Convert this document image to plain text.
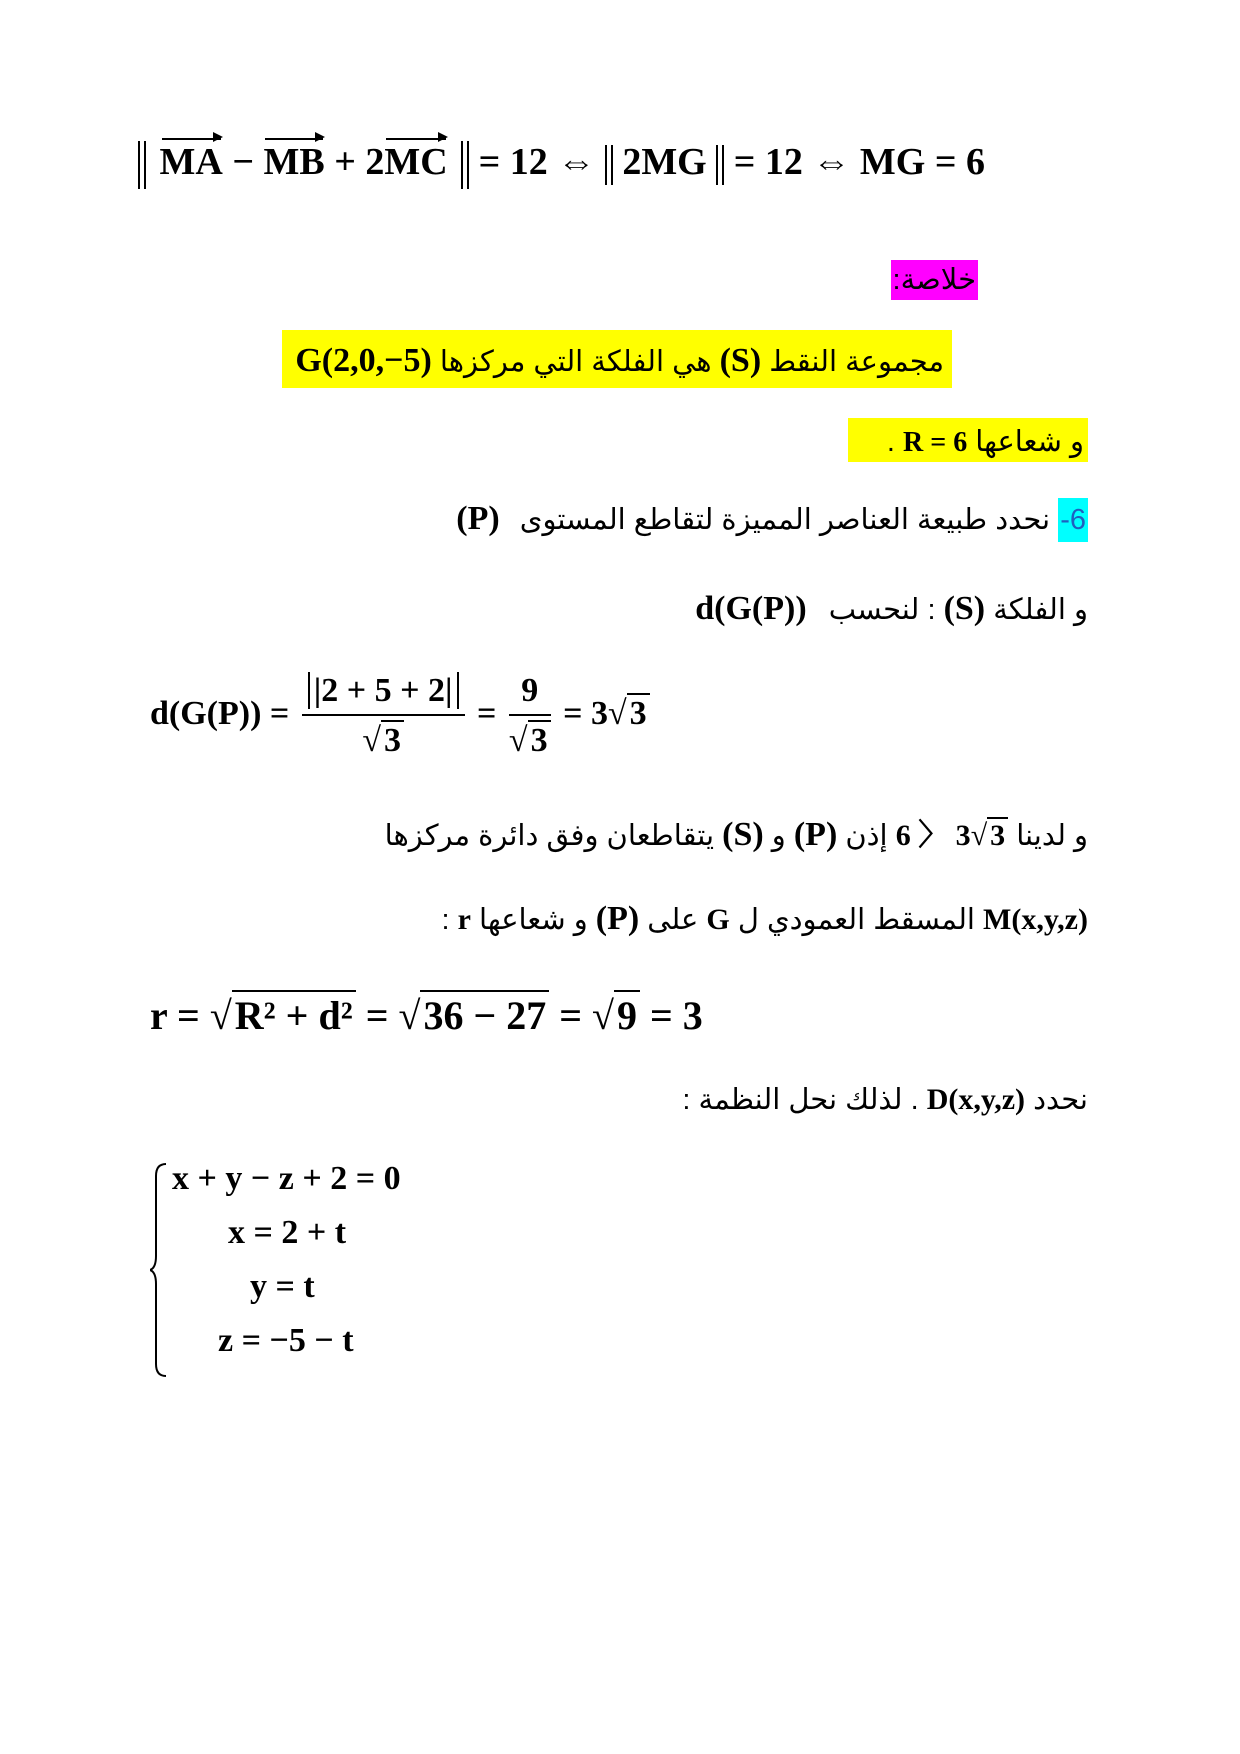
MA − MB + 2MC = 12 ⇔  2MG = 12 ⇔ MG = 6
خلاصة:
مجموعة النقط (S) هي الفلكة التي مركزها G(2,0,−5)
و شعاعها R = 6 .
6- نحدد طبيعة العناصر المميزة لتقاطع المستوى (P)
و الفلكة (S) : لنحسب d(G(P))
$d(G(P)) = \frac{|2 + 5 + 2|}{√3} = \frac{9}{√3} = 3√3$
و لدينا 6 〉 3√ 3 إذن (P) و (S) يتقاطعان وفق دائرة مركزها
M(x,y,z) المسقط العمودي ل G على (P) و شعاعها r :
r = √R² + d² = √36 − 27 = √9 = 3
نحدد D(x,y,z) . لذلك نحل النظمة :
x + y − z + 2 = 0
x = 2 + t
y = t
z = −5 − t
